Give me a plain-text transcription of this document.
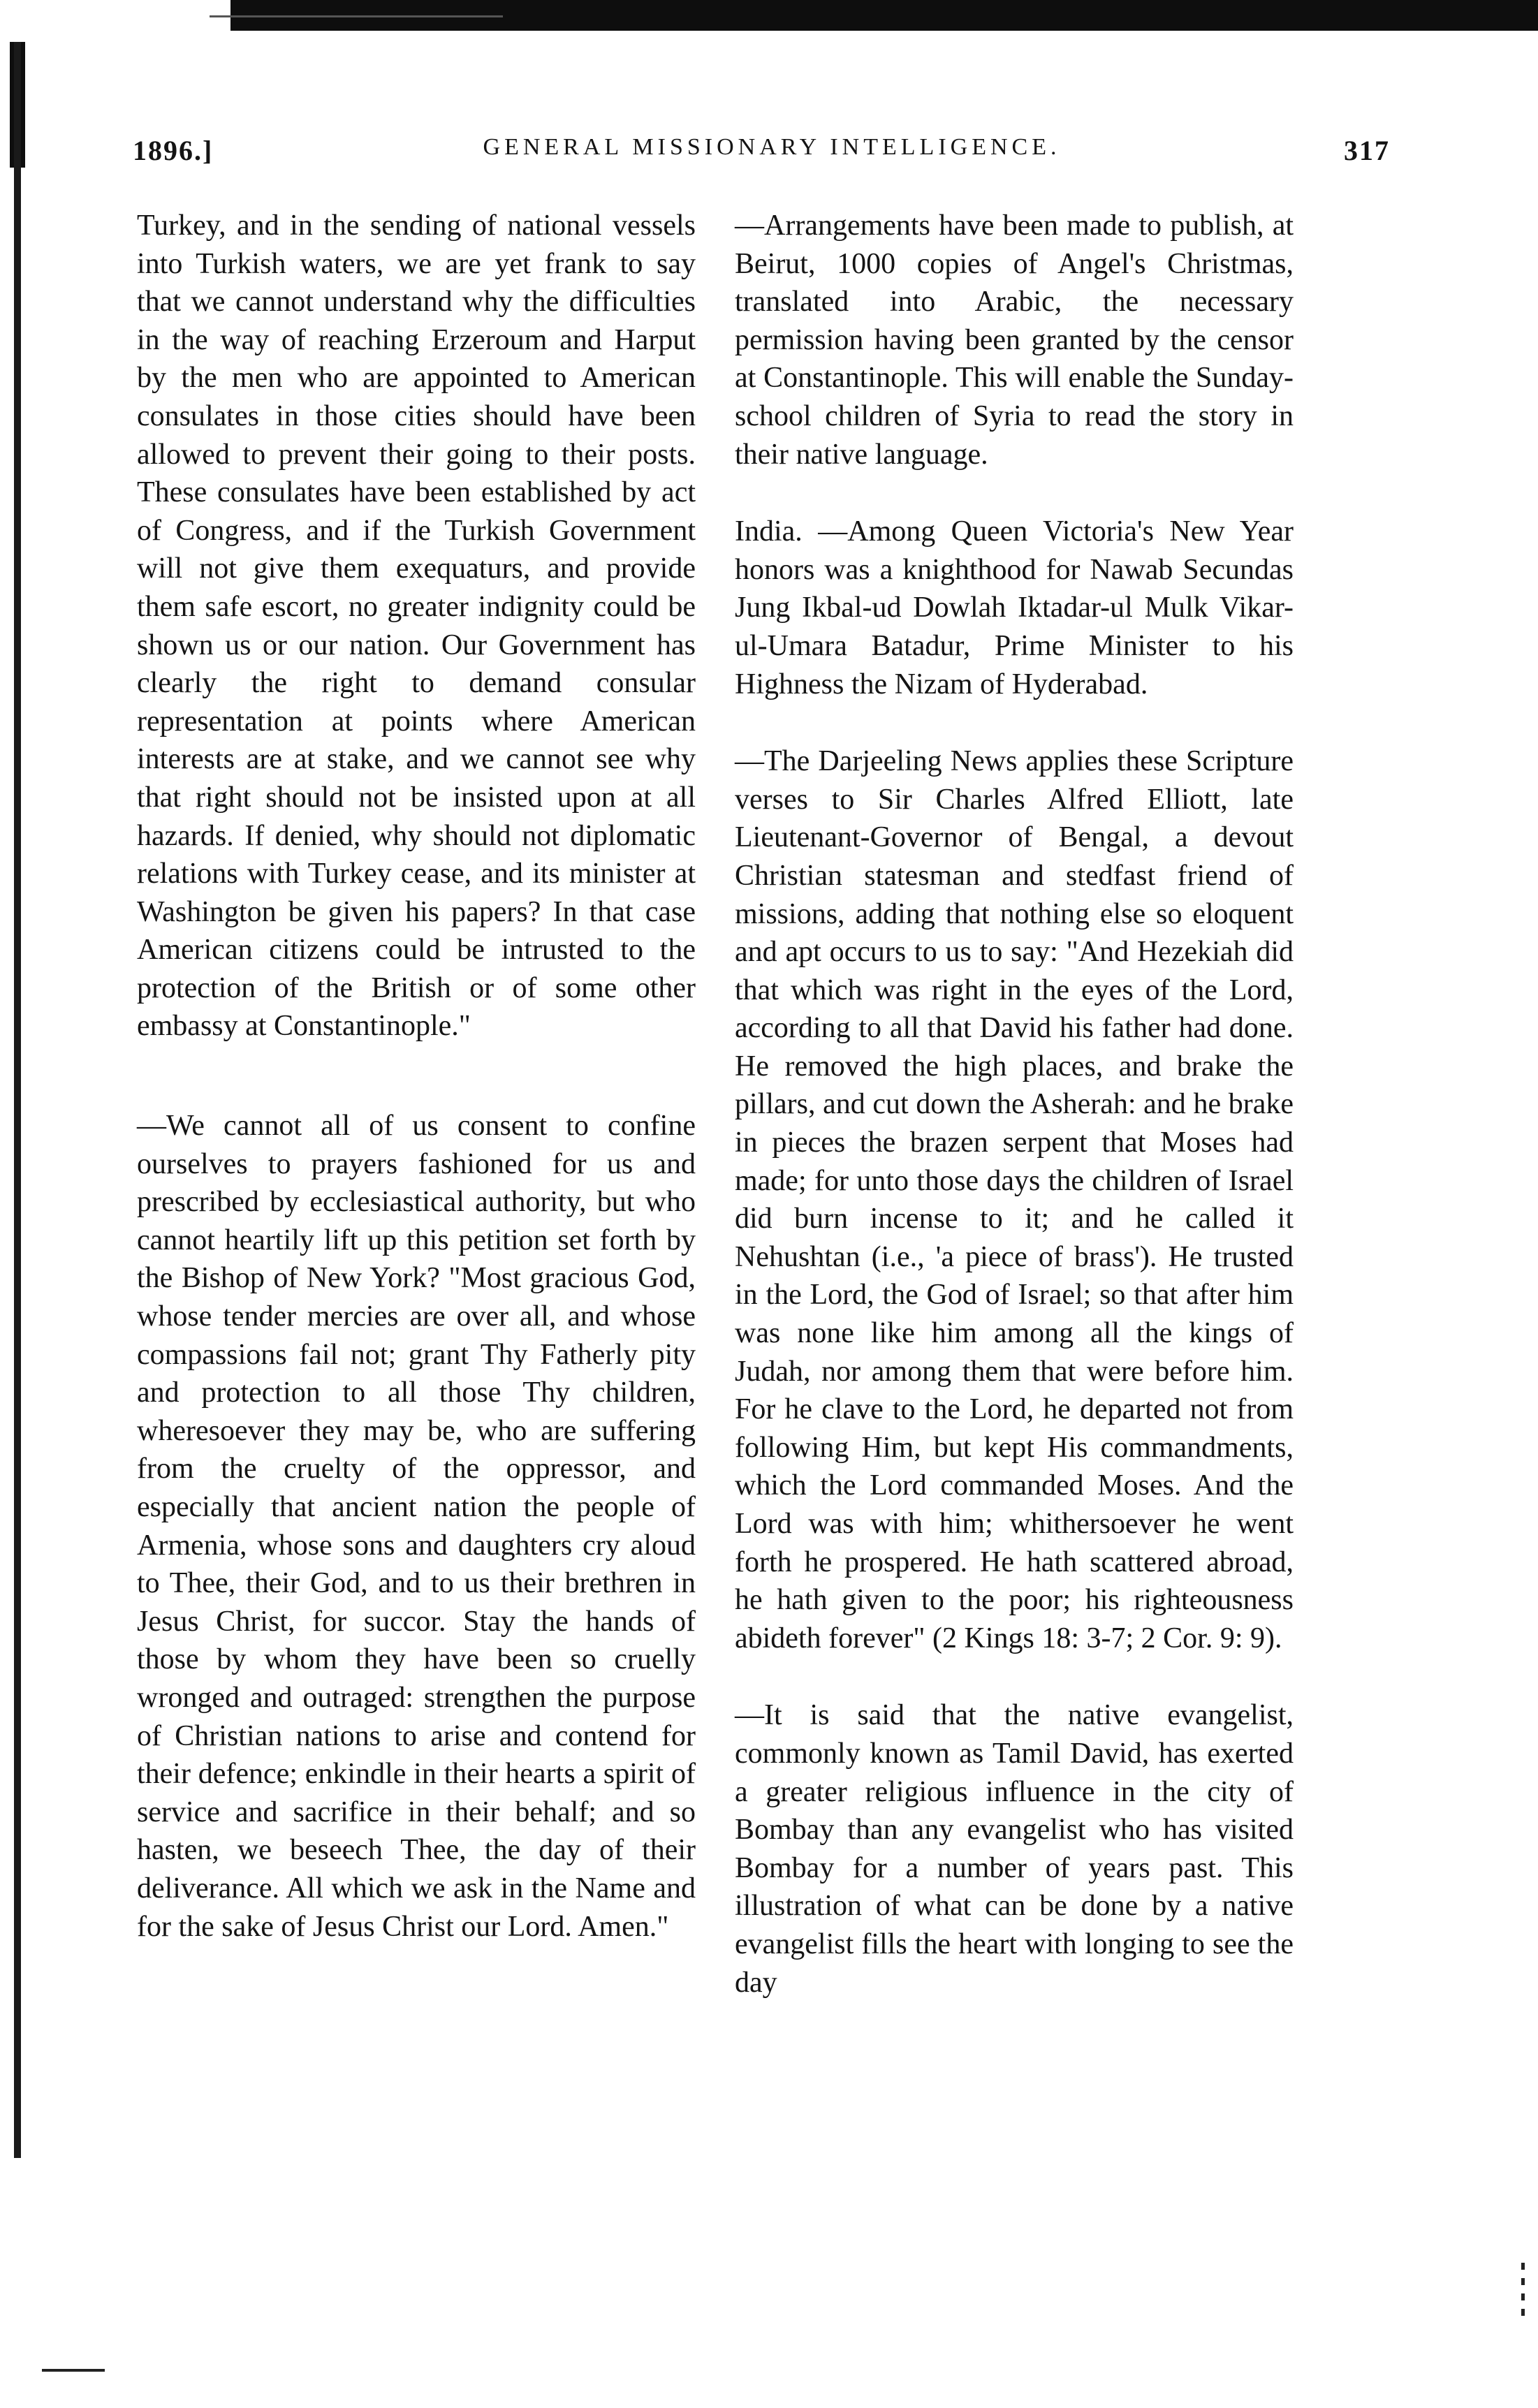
1896.]	GENERAL MISSIONARY INTELLIGENCE.	317

Turkey, and in the sending of national vessels into Turkish waters, we are yet frank to say that we cannot understand why the difficulties in the way of reaching Erzeroum and Harput by the men who are appointed to American consulates in those cities should have been allowed to prevent their going to their posts. These consulates have been established by act of Congress, and if the Turkish Government will not give them exequaturs, and provide them safe escort, no greater indignity could be shown us or our nation. Our Government has clearly the right to demand consular representation at points where American interests are at stake, and we cannot see why that right should not be insisted upon at all hazards. If denied, why should not diplomatic relations with Turkey cease, and its minister at Washington be given his papers? In that case American citizens could be intrusted to the protection of the British or of some other embassy at Constantinople."

—We cannot all of us consent to confine ourselves to prayers fashioned for us and prescribed by ecclesiastical authority, but who cannot heartily lift up this petition set forth by the Bishop of New York? "Most gracious God, whose tender mercies are over all, and whose compassions fail not; grant Thy Fatherly pity and protection to all those Thy children, wheresoever they may be, who are suffering from the cruelty of the oppressor, and especially that ancient nation the people of Armenia, whose sons and daughters cry aloud to Thee, their God, and to us their brethren in Jesus Christ, for succor. Stay the hands of those by whom they have been so cruelly wronged and outraged: strengthen the purpose of Christian nations to arise and contend for their defence; enkindle in their hearts a spirit of service and sacrifice in their behalf; and so hasten, we beseech Thee, the day of their deliverance. All which we ask in the Name and for the sake of Jesus Christ our Lord. Amen."

—Arrangements have been made to publish, at Beirut, 1000 copies of Angel's Christmas, translated into Arabic, the necessary permission having been granted by the censor at Constantinople. This will enable the Sunday-school children of Syria to read the story in their native language.

India. —Among Queen Victoria's New Year honors was a knighthood for Nawab Secundas Jung Ikbal-ud Dowlah Iktadar-ul Mulk Vikar-ul-Umara Batadur, Prime Minister to his Highness the Nizam of Hyderabad.

—The Darjeeling News applies these Scripture verses to Sir Charles Alfred Elliott, late Lieutenant-Governor of Bengal, a devout Christian statesman and stedfast friend of missions, adding that nothing else so eloquent and apt occurs to us to say: "And Hezekiah did that which was right in the eyes of the Lord, according to all that David his father had done. He removed the high places, and brake the pillars, and cut down the Asherah: and he brake in pieces the brazen serpent that Moses had made; for unto those days the children of Israel did burn incense to it; and he called it Nehushtan (i.e., 'a piece of brass'). He trusted in the Lord, the God of Israel; so that after him was none like him among all the kings of Judah, nor among them that were before him. For he clave to the Lord, he departed not from following Him, but kept His commandments, which the Lord commanded Moses. And the Lord was with him; whithersoever he went forth he prospered. He hath scattered abroad, he hath given to the poor; his righteousness abideth forever" (2 Kings 18: 3-7; 2 Cor. 9: 9).

—It is said that the native evangelist, commonly known as Tamil David, has exerted a greater religious influence in the city of Bombay than any evangelist who has visited Bombay for a number of years past. This illustration of what can be done by a native evangelist fills the heart with longing to see the day
